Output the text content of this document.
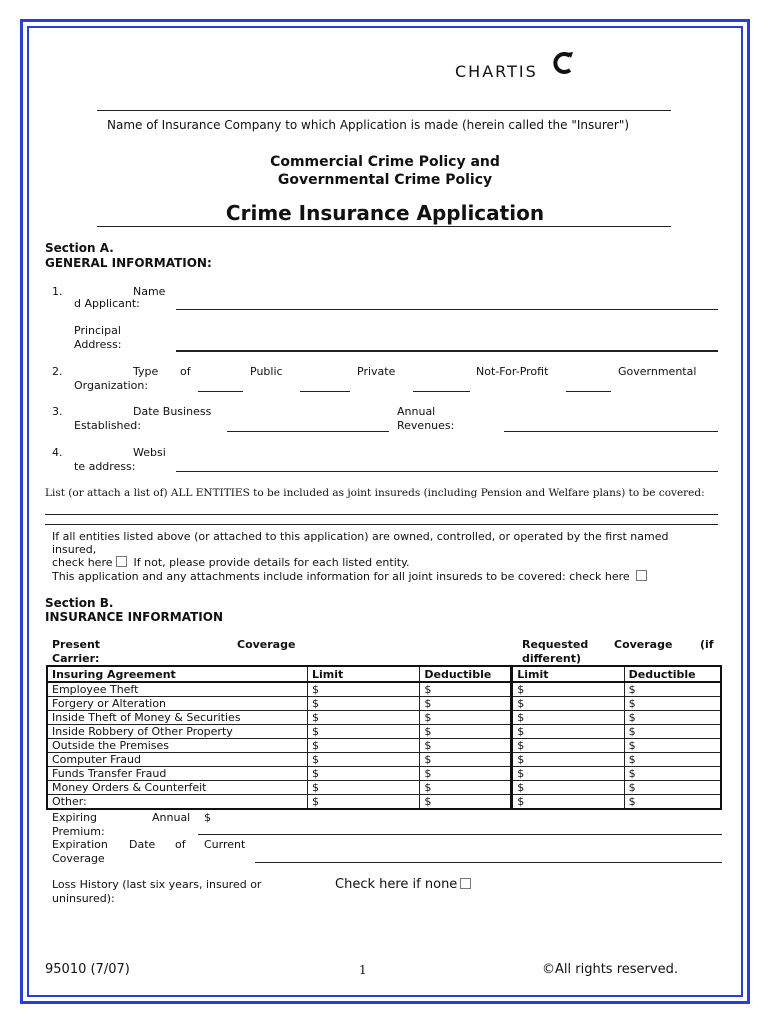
CHARTIS
Name of Insurance Company to which Application is made (herein called the "Insurer")
Commercial Crime Policy and
Governmental Crime Policy
Crime Insurance Application
Section A.
GENERAL INFORMATION:
1.	Name
d Applicant:
Principal
Address:
2.	Type of
Organization:
Public	Private	Not-For-Profit	Governmental
3.	Date Business
Established:
Annual
Revenues:
4.	Websi
te address:
List (or attach a list of) ALL ENTITIES to be included as joint insureds (including Pension and Welfare plans) to be covered:
If all entities listed above (or attached to this application) are owned, controlled, or operated by the first named
insured,
check here If not, please provide details for each listed entity.
This application and any attachments include information for all joint insureds to be covered: check here
Section B.
INSURANCE INFORMATION
Present	Coverage
Carrier:
Requested Coverage	(if
different)
Insuring Agreement	Limit	Deductible	Limit	Deductible
Employee Theft	$	$	$	$
Forgery or Alteration	$	$	$	$
Inside Theft of Money & Securities	$	$	$	$
Inside Robbery of Other Property	$	$	$	$
Outside the Premises	$	$	$	$
Computer Fraud	$	$	$	$
Funds Transfer Fraud	$	$	$	$
Money Orders & Counterfeit	$	$	$	$
Other:	$	$	$	$
Expiring	Annual $
Premium:
Expiration Date of Current
Coverage
Loss History (last six years, insured or
uninsured):
Check here if none
95010 (7/07)	1	©All rights reserved.
